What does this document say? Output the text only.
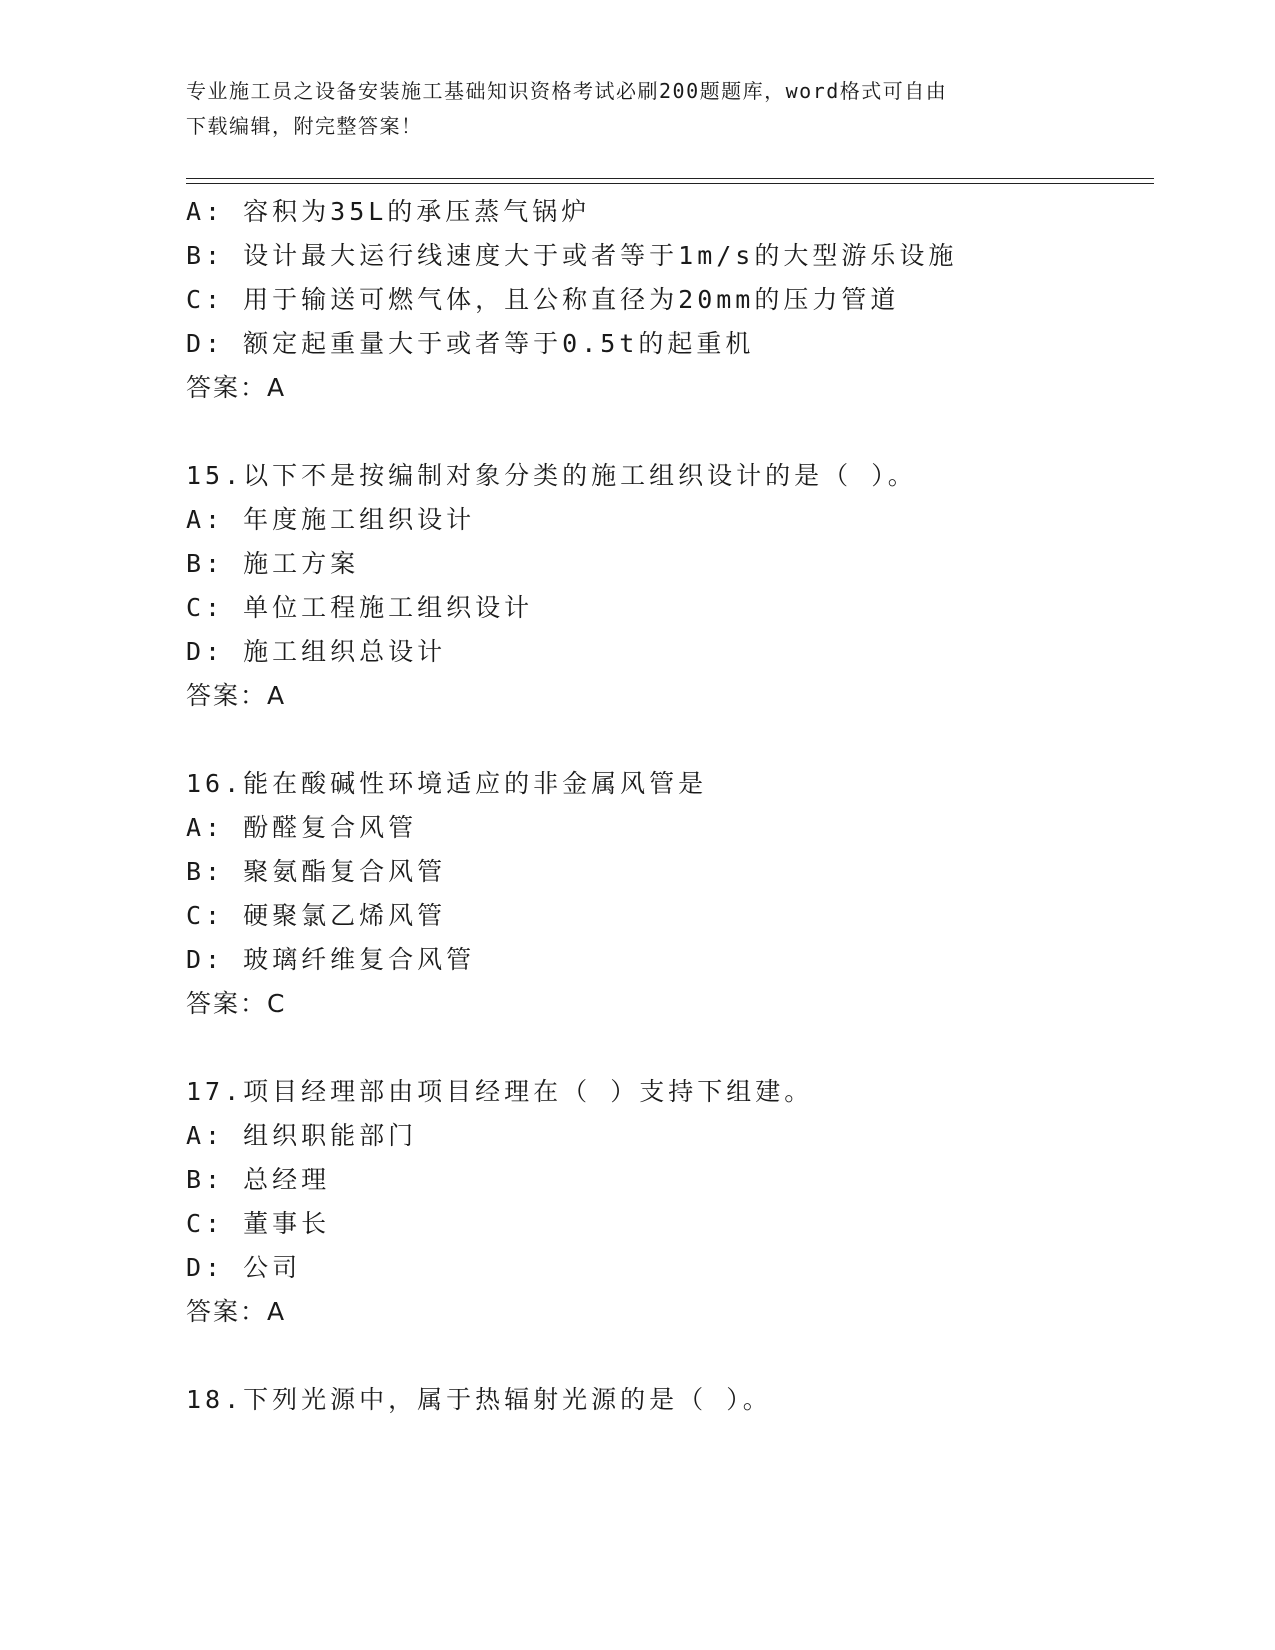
专业施工员之设备安装施工基础知识资格考试必刷200题题库，word格式可自由
下载编辑，附完整答案！
A: 容积为35L的承压蒸气锅炉
B: 设计最大运行线速度大于或者等于1m/s的大型游乐设施
C: 用于输送可燃气体，且公称直径为20mm的压力管道
D: 额定起重量大于或者等于0.5t的起重机
答案：A
15.以下不是按编制对象分类的施工组织设计的是（ ）。
A: 年度施工组织设计
B: 施工方案
C: 单位工程施工组织设计
D: 施工组织总设计
答案：A
16.能在酸碱性环境适应的非金属风管是
A: 酚醛复合风管
B: 聚氨酯复合风管
C: 硬聚氯乙烯风管
D: 玻璃纤维复合风管
答案：C
17.项目经理部由项目经理在（ ）支持下组建。
A: 组织职能部门
B: 总经理
C: 董事长
D: 公司
答案：A
18.下列光源中，属于热辐射光源的是（ ）。
